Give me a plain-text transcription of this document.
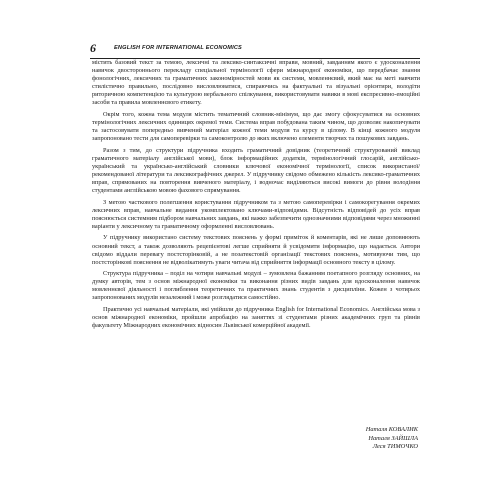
6	ENGLISH FOR INTERNATIONAL ECONOMICS

містить базовий текст за темою, лексичні та лексико-синтаксичні вправи, мовний, завданням якого є удосконалення навичок двостороннього перекладу спеціальної термінології сфери міжнародної економіки, що передбачає знання фонологічних, лексичних та граматичних закономірностей мови як системи, мовленнєвий, який має на меті навчити стилістично правильно, послідовно висловлюватися, спираючись на фактуальні та візуальні орієнтири, володіти риторичною компетенцією та культурою вербального спілкування, використовувати навики в мові експресивно-емоційні засоби та правила мовленнєвого етикету.

Окрім того, кожна тема модуля містить тематичний словник-мінімум, що дає змогу сфокусуватися на основних термінологічних лексичних одиницях окремої теми. Система вправ побудована таким чином, що дозволяє накопичувати та застосовувати попередньо вивчений матеріал кожної теми модуля та курсу в цілому. В кінці кожного модуля запропоновано тести для самоперевірки та самоконтролю до яких включено елементи творчих та пошукових завдань.

Разом з тим, до структури підручника входить граматичний довідник (теоретичний структурований виклад граматичного матеріалу англійської мови), блок інформаційних додатків, термінологічний глосарій, англійсько-український та українсько-англійський словники ключової економічної термінології, список використаної/рекомендованої літератури та лексикографічних джерел. У підручнику свідомо обмежено кількість лексико-граматичних вправ, спрямованих на повторення вивченого матеріалу, і водночас виділяються високі вимоги до рівня володіння студентами англійською мовою фахового спрямування.

З метою часткового полегшення користування підручником та з метою самоперевірки і самокорегування окремих лексичних вправ, навчальне видання укомплектовано ключами-відповідями. Відсутність відповідей до усіх вправ пояснюється системним підбором навчальних завдань, які важко забезпечити однозначними відповідями через множинні варіанти у лексичному та граматичному оформленні висловлювань.

У підручнику використано систему текстових пояснень у формі приміток й коментарів, які не лише доповнюють основний текст, а також дозволяють рецепієнтові легше сприйняти й усвідомити інформацію, що надається. Автори свідомо віддали перевагу постсторінковій, а не позатекстовій організації текстових пояснень, мотивуючи тим, що постсторінкові пояснення не відволікатимуть уваги читача від сприйняття інформації основного тексту в цілому.

Структура підручника – поділ на чотири навчальні модулі – зумовлена бажанням поетапного розгляду основних, на думку авторів, тем з основ міжнародної економіки та виконання різних видів завдань для вдосконалення навичок мовленнєвої діяльності і поглиблення теоретичних та практичних знань студентів з дисципліни. Кожен з чотирьох запропонованих модулів незалежний і може розглядатися самостійно.

Практично усі навчальні матеріали, які увійшли до підручника English for International Economics. Англійська мова з основ міжнародної економіки, пройшли апробацію на заняттях зі студентами різних академічних груп та рівнів факультету Міжнародних економічних відносин Львівської комерційної академії.

Наталя КОВАЛИК
Наталя ЗАЙШЛА
Леся ТИМОЧКО
